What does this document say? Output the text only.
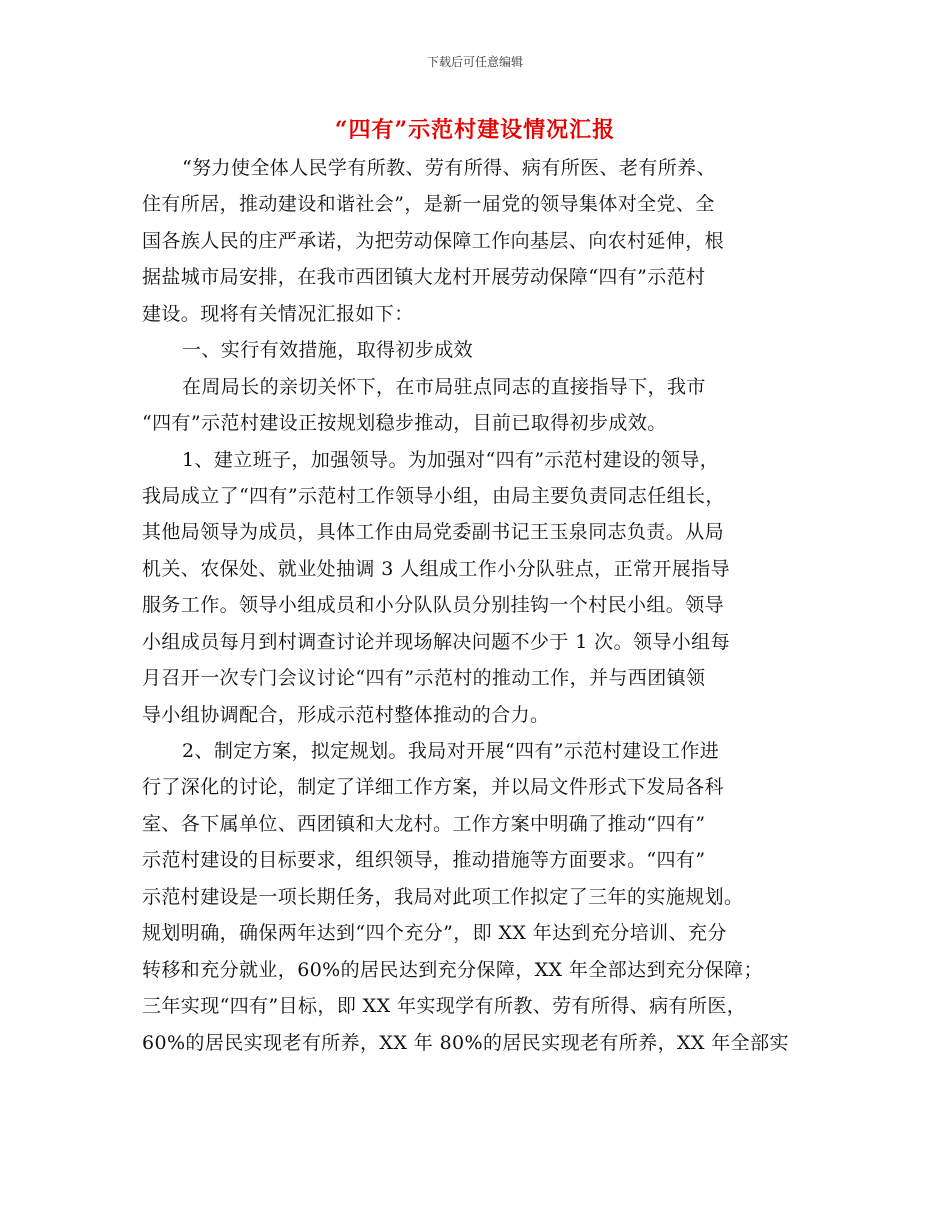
下载后可任意编辑
“四有”示范村建设情况汇报
“努力使全体人民学有所教、劳有所得、病有所医、老有所养、
住有所居，推动建设和谐社会”，是新一届党的领导集体对全党、全
国各族人民的庄严承诺，为把劳动保障工作向基层、向农村延伸，根
据盐城市局安排，在我市西团镇大龙村开展劳动保障“四有”示范村
建设。现将有关情况汇报如下：
一、实行有效措施，取得初步成效
在周局长的亲切关怀下，在市局驻点同志的直接指导下，我市
“四有”示范村建设正按规划稳步推动，目前已取得初步成效。
1、建立班子，加强领导。为加强对“四有”示范村建设的领导，
我局成立了“四有”示范村工作领导小组，由局主要负责同志任组长，
其他局领导为成员，具体工作由局党委副书记王玉泉同志负责。从局
机关、农保处、就业处抽调 3 人组成工作小分队驻点，正常开展指导
服务工作。领导小组成员和小分队队员分别挂钩一个村民小组。领导
小组成员每月到村调查讨论并现场解决问题不少于 1 次。领导小组每
月召开一次专门会议讨论“四有”示范村的推动工作，并与西团镇领
导小组协调配合，形成示范村整体推动的合力。
2、制定方案，拟定规划。我局对开展“四有”示范村建设工作进
行了深化的讨论，制定了详细工作方案，并以局文件形式下发局各科
室、各下属单位、西团镇和大龙村。工作方案中明确了推动“四有”
示范村建设的目标要求，组织领导，推动措施等方面要求。“四有”
示范村建设是一项长期任务，我局对此项工作拟定了三年的实施规划。
规划明确，确保两年达到“四个充分”，即 XX 年达到充分培训、充分
转移和充分就业，60%的居民达到充分保障，XX 年全部达到充分保障；
三年实现“四有”目标，即 XX 年实现学有所教、劳有所得、病有所医，
60%的居民实现老有所养，XX 年 80%的居民实现老有所养，XX 年全部实
